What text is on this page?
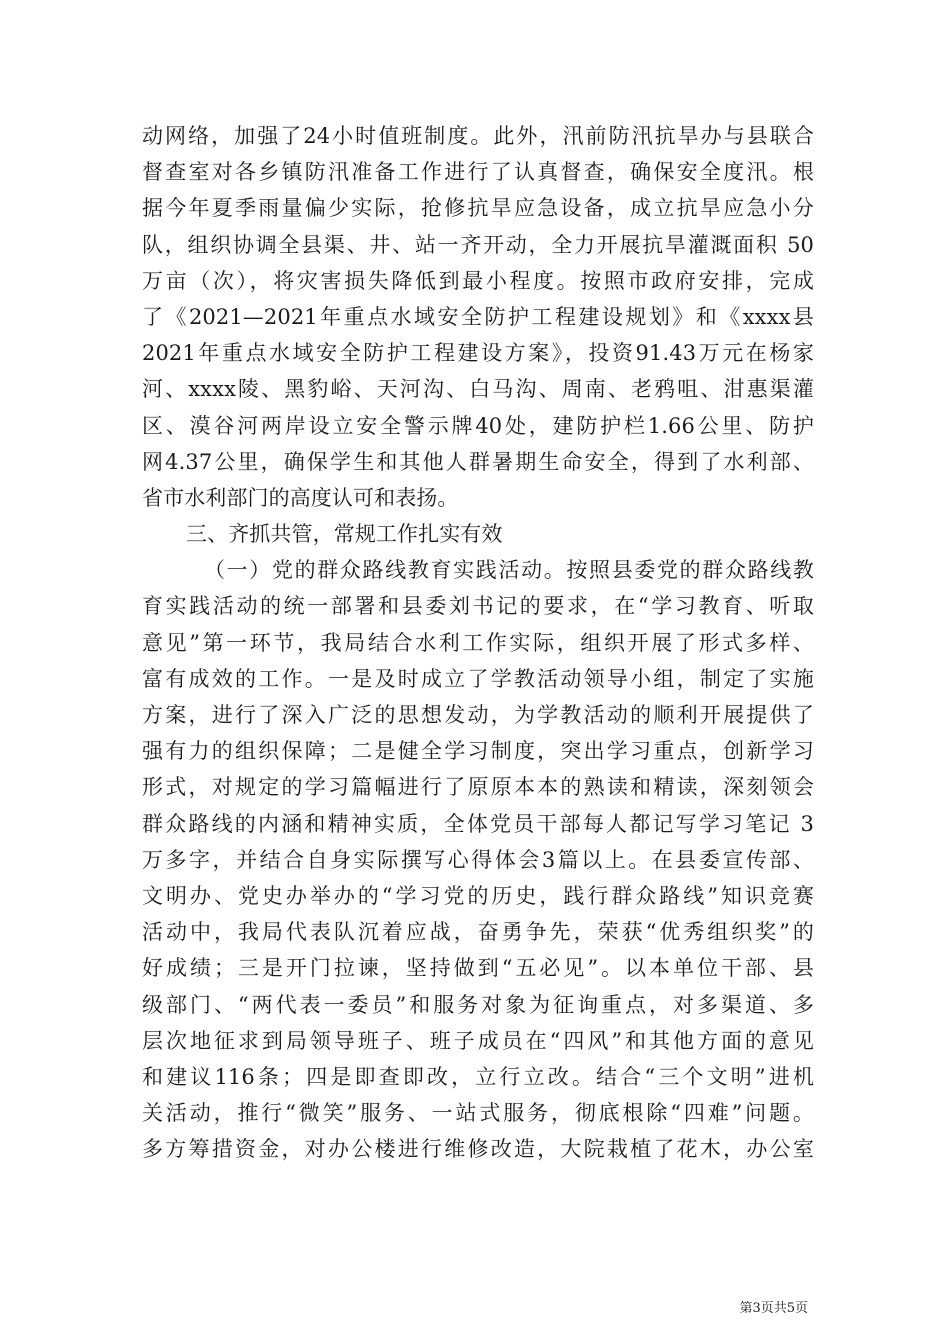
动网络，加强了24小时值班制度。此外，汛前防汛抗旱办与县联合
督查室对各乡镇防汛准备工作进行了认真督查，确保安全度汛。根
据今年夏季雨量偏少实际，抢修抗旱应急设备，成立抗旱应急小分
队，组织协调全县渠、井、站一齐开动，全力开展抗旱灌溉面积 50
万亩（次），将灾害损失降低到最小程度。按照市政府安排，完成
了《2021—2021年重点水域安全防护工程建设规划》和《xxxx县
2021年重点水域安全防护工程建设方案》，投资91.43万元在杨家
河、xxxx陵、黑豹峪、天河沟、白马沟、周南、老鸦咀、泔惠渠灌
区、漠谷河两岸设立安全警示牌40处，建防护栏1.66公里、防护
网4.37公里，确保学生和其他人群暑期生命安全，得到了水利部、
省市水利部门的高度认可和表扬。
三、齐抓共管，常规工作扎实有效
（一）党的群众路线教育实践活动。按照县委党的群众路线教
育实践活动的统一部署和县委刘书记的要求，在“学习教育、听取
意见”第一环节，我局结合水利工作实际，组织开展了形式多样、
富有成效的工作。一是及时成立了学教活动领导小组，制定了实施
方案，进行了深入广泛的思想发动，为学教活动的顺利开展提供了
强有力的组织保障；二是健全学习制度，突出学习重点，创新学习
形式，对规定的学习篇幅进行了原原本本的熟读和精读，深刻领会
群众路线的内涵和精神实质，全体党员干部每人都记写学习笔记 3
万多字，并结合自身实际撰写心得体会3篇以上。在县委宣传部、
文明办、党史办举办的“学习党的历史，践行群众路线”知识竞赛
活动中，我局代表队沉着应战，奋勇争先，荣获“优秀组织奖”的
好成绩；三是开门拉谏，坚持做到“五必见”。以本单位干部、县
级部门、“两代表一委员”和服务对象为征询重点，对多渠道、多
层次地征求到局领导班子、班子成员在“四风”和其他方面的意见
和建议116条；四是即查即改，立行立改。结合“三个文明”进机
关活动，推行“微笑”服务、一站式服务，彻底根除“四难”问题。
多方筹措资金，对办公楼进行维修改造，大院栽植了花木，办公室
第3页共5页
